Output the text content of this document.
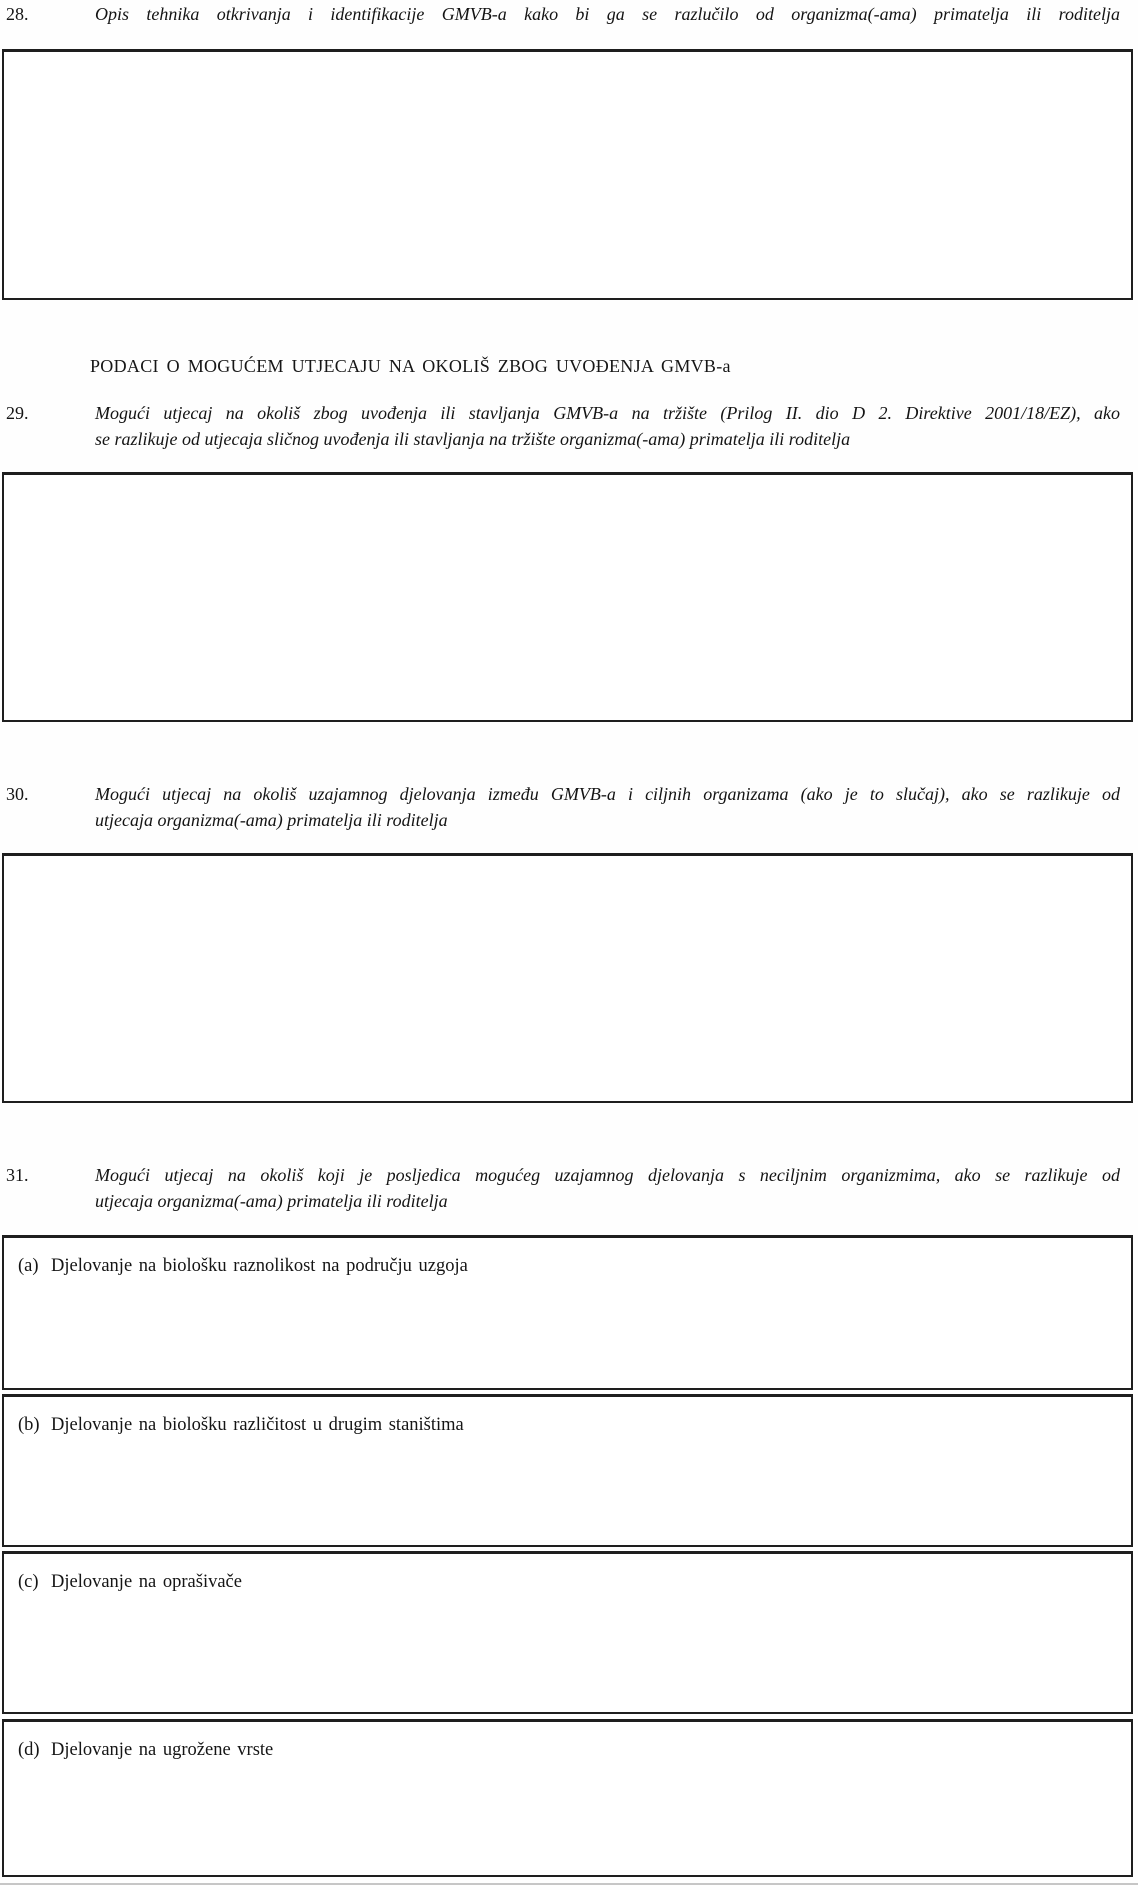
28.	Opis tehnika otkrivanja i identifikacije GMVB-a kako bi ga se razlučilo od organizma(-ama) primatelja ili roditelja
PODACI O MOGUĆEM UTJECAJU NA OKOLIŠ ZBOG UVOĐENJA GMVB-a
29.	Mogući utjecaj na okoliš zbog uvođenja ili stavljanja GMVB-a na tržište (Prilog II. dio D 2. Direktive 2001/18/EZ), ako
se razlikuje od utjecaja sličnog uvođenja ili stavljanja na tržište organizma(-ama) primatelja ili roditelja
30.	Mogući utjecaj na okoliš uzajamnog djelovanja između GMVB-a i ciljnih organizama (ako je to slučaj), ako se razlikuje od
utjecaja organizma(-ama) primatelja ili roditelja
31.	Mogući utjecaj na okoliš koji je posljedica mogućeg uzajamnog djelovanja s neciljnim organizmima, ako se razlikuje od
utjecaja organizma(-ama) primatelja ili roditelja
(a) Djelovanje na biološku raznolikost na području uzgoja
(b) Djelovanje na biološku različitost u drugim staništima
(c) Djelovanje na oprašivače
(d) Djelovanje na ugrožene vrste
